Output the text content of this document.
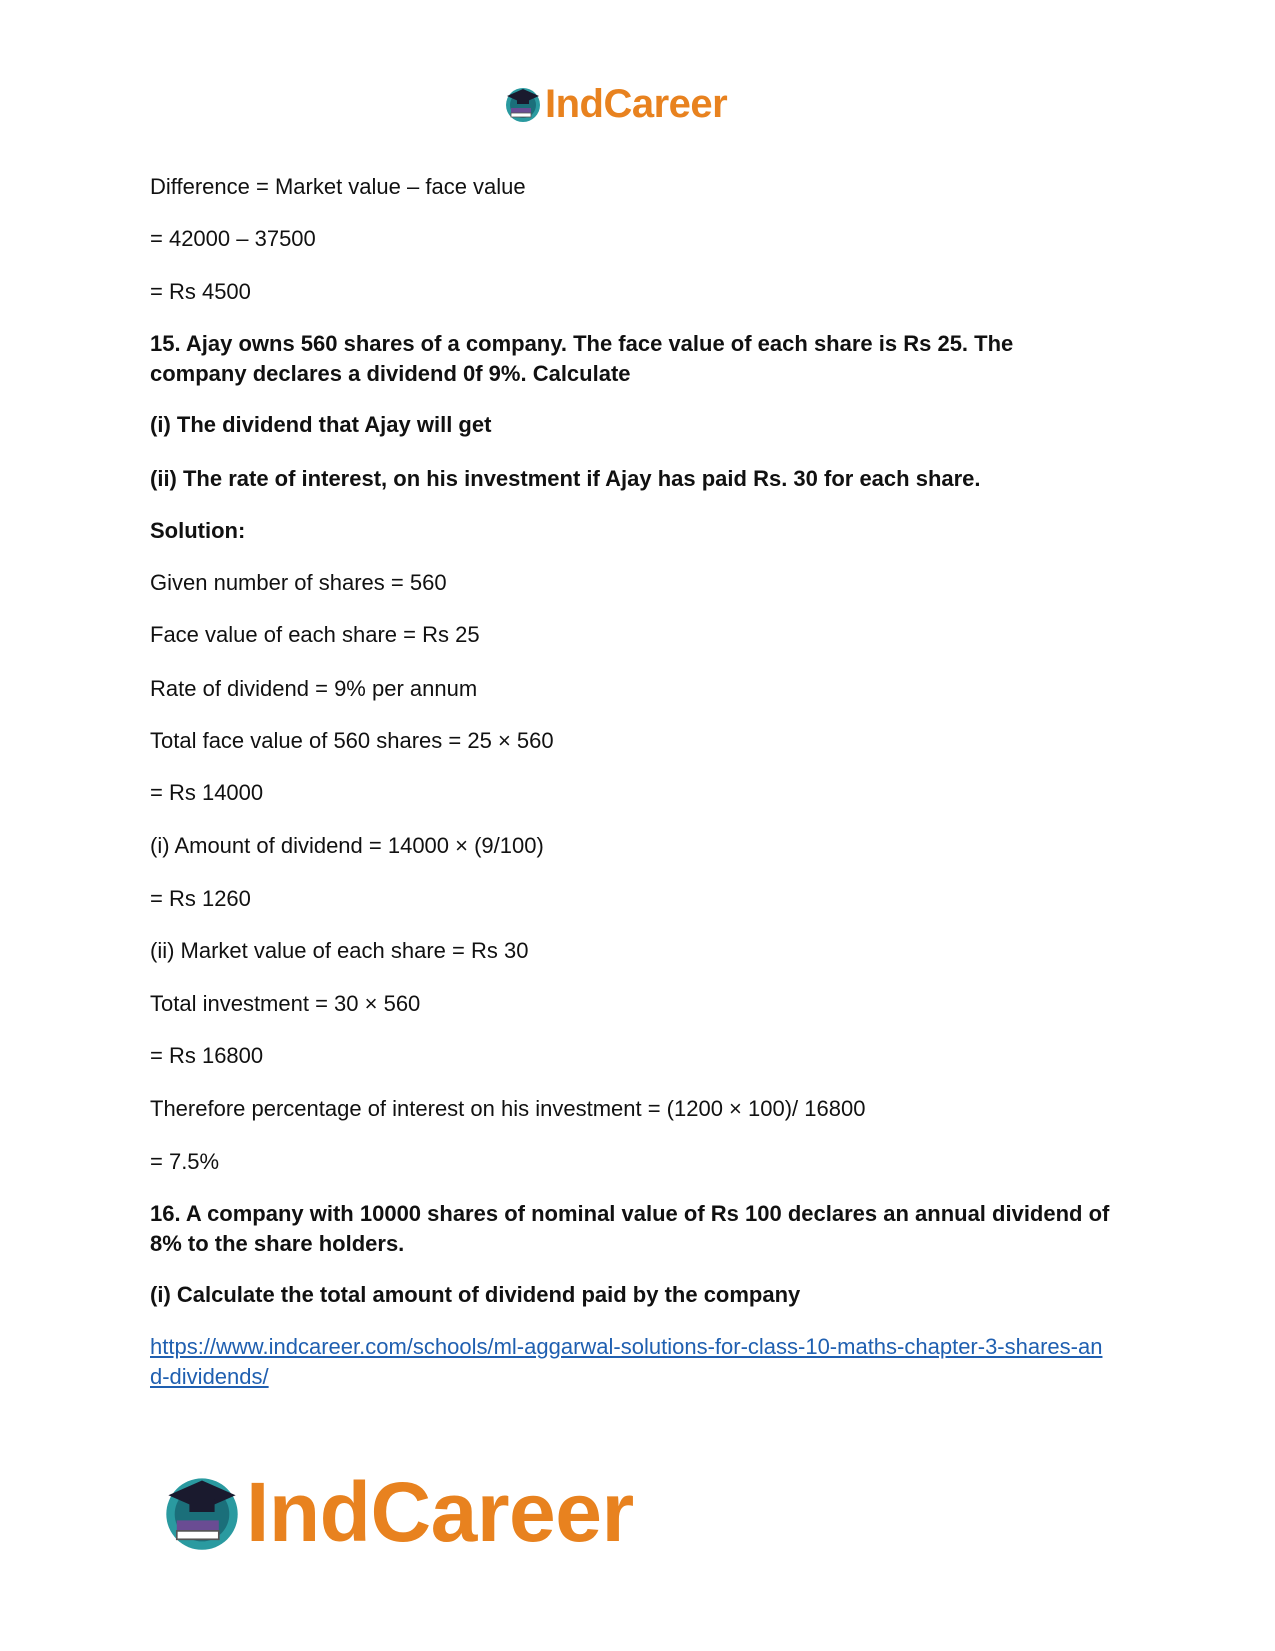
IndCareer

Difference = Market value – face value

= 42000 – 37500

= Rs 4500

15. Ajay owns 560 shares of a company. The face value of each share is Rs 25. The company declares a dividend 0f 9%. Calculate

(i) The dividend that Ajay will get

(ii) The rate of interest, on his investment if Ajay has paid Rs. 30 for each share.

Solution:

Given number of shares = 560

Face value of each share = Rs 25

Rate of dividend = 9% per annum

Total face value of 560 shares = 25 × 560

= Rs 14000

(i) Amount of dividend = 14000 × (9/100)

= Rs 1260

(ii) Market value of each share = Rs 30

Total investment = 30 × 560

= Rs 16800

Therefore percentage of interest on his investment = (1200 × 100)/ 16800

= 7.5%

16. A company with 10000 shares of nominal value of Rs 100 declares an annual dividend of 8% to the share holders.

(i) Calculate the total amount of dividend paid by the company

https://www.indcareer.com/schools/ml-aggarwal-solutions-for-class-10-maths-chapter-3-shares-and-dividends/
IndCareer
